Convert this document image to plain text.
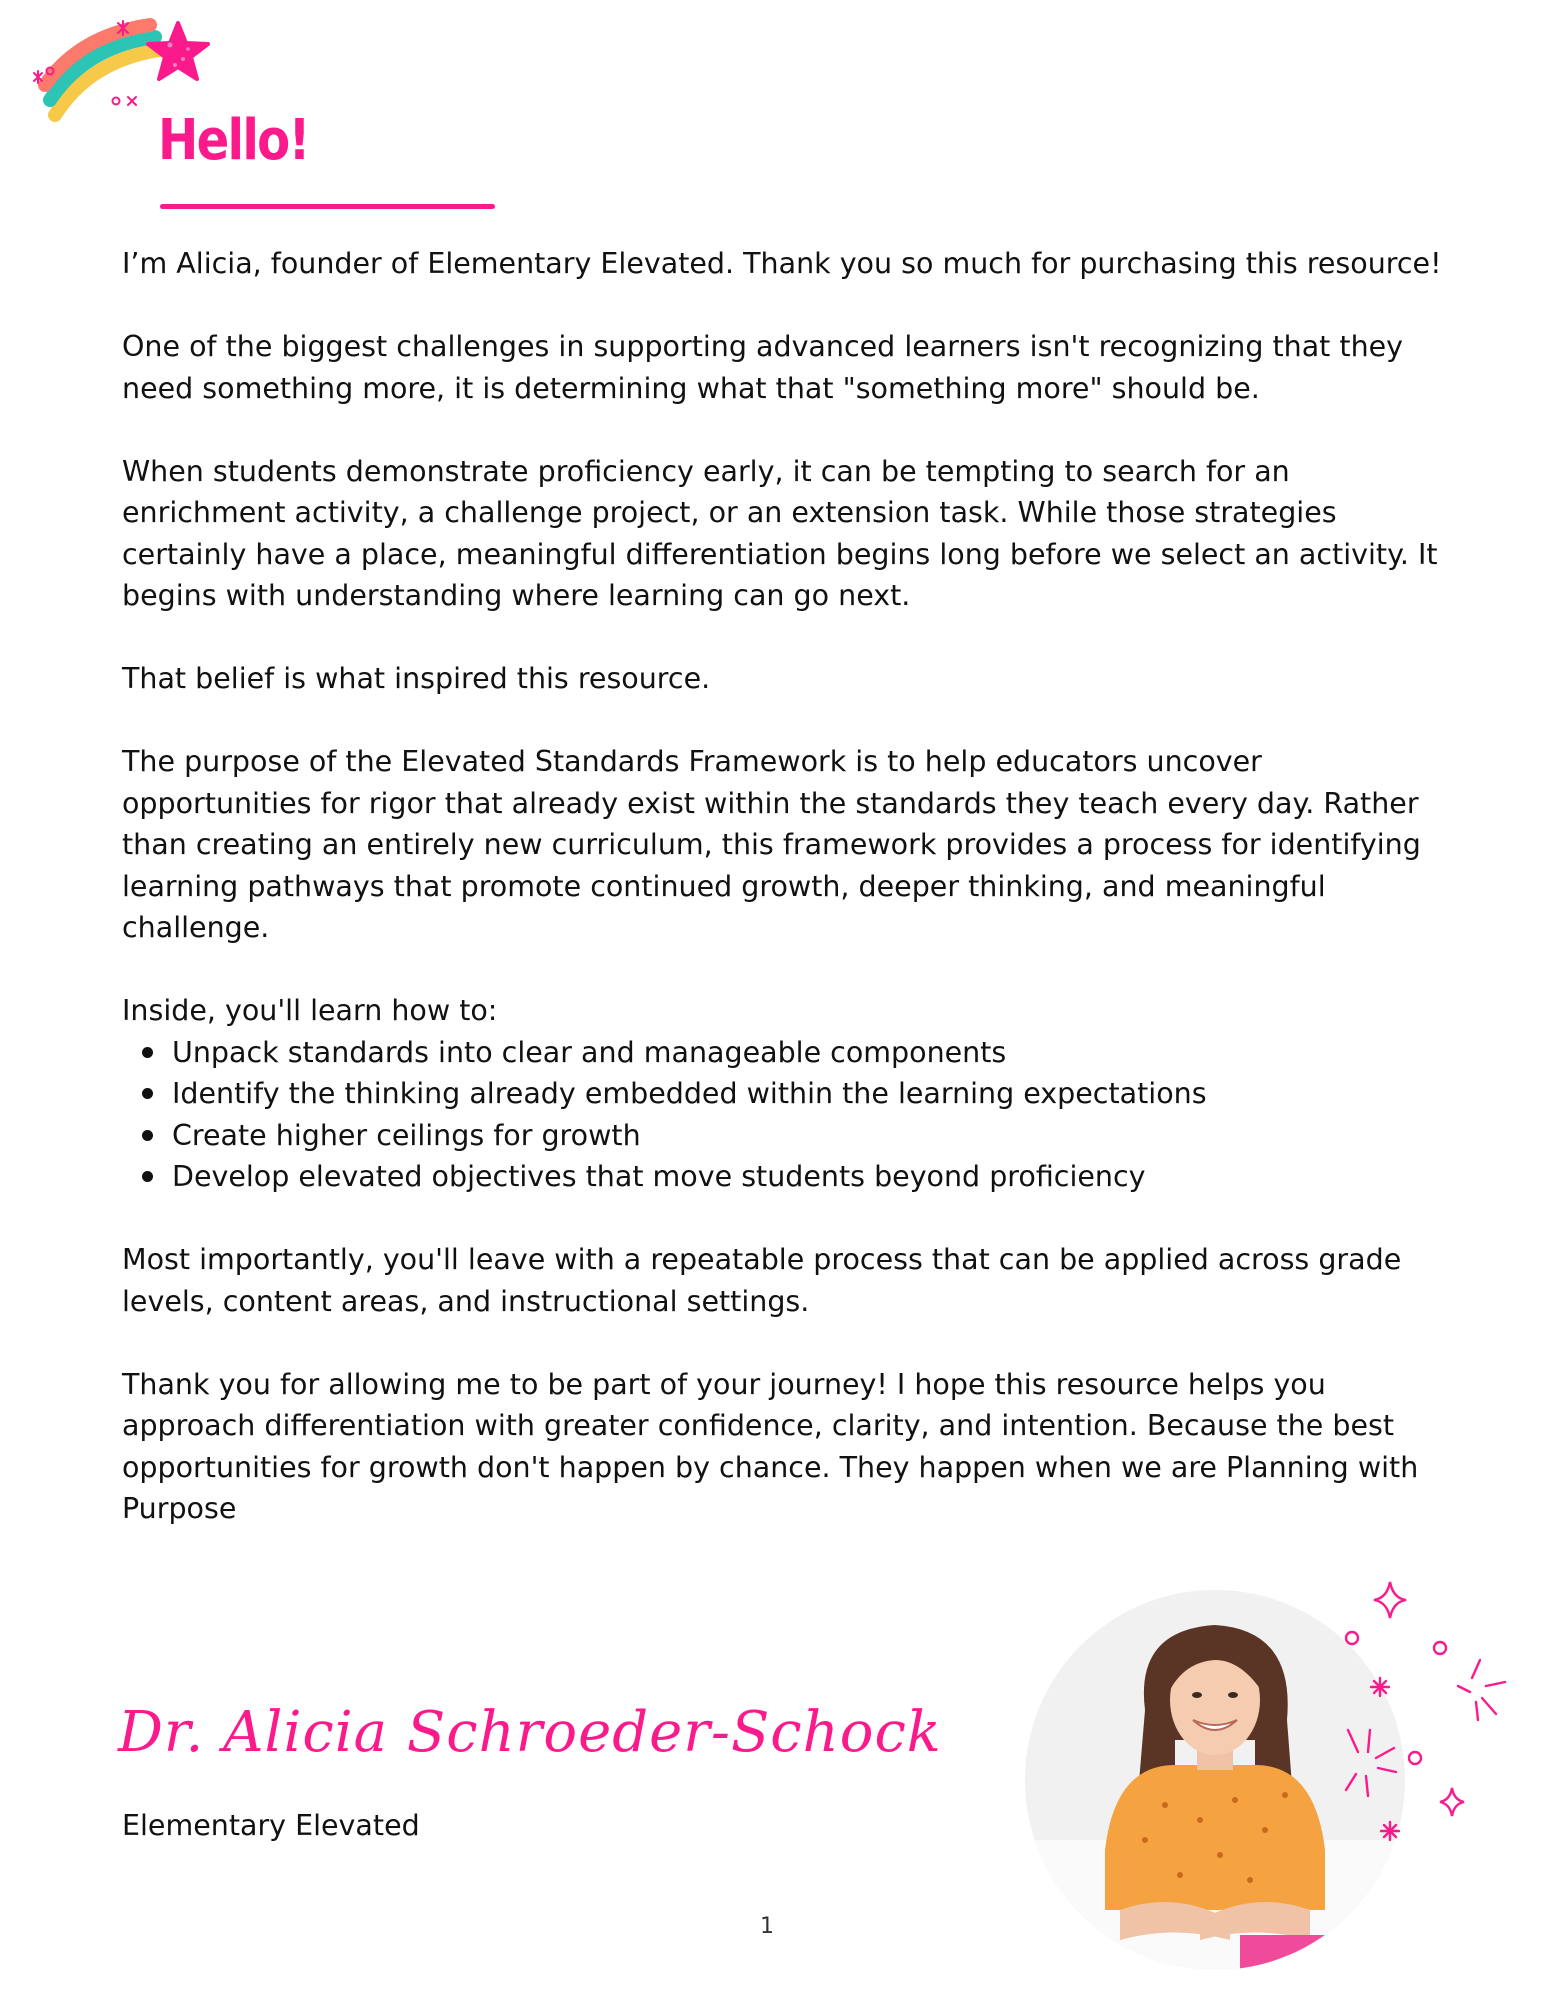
Hello!

I’m Alicia, founder of Elementary Elevated. Thank you so much for purchasing this resource!

One of the biggest challenges in supporting advanced learners isn't recognizing that they need something more, it is determining what that "something more" should be.

When students demonstrate proficiency early, it can be tempting to search for an enrichment activity, a challenge project, or an extension task. While those strategies certainly have a place, meaningful differentiation begins long before we select an activity. It begins with understanding where learning can go next.

That belief is what inspired this resource.

The purpose of the Elevated Standards Framework is to help educators uncover opportunities for rigor that already exist within the standards they teach every day. Rather than creating an entirely new curriculum, this framework provides a process for identifying learning pathways that promote continued growth, deeper thinking, and meaningful challenge.

Inside, you'll learn how to:

Unpack standards into clear and manageable components
Identify the thinking already embedded within the learning expectations
Create higher ceilings for growth
Develop elevated objectives that move students beyond proficiency

Most importantly, you'll leave with a repeatable process that can be applied across grade levels, content areas, and instructional settings.

Thank you for allowing me to be part of your journey! I hope this resource helps you approach differentiation with greater confidence, clarity, and intention. Because the best opportunities for growth don't happen by chance. They happen when we are Planning with Purpose

Dr. Alicia Schroeder-Schock
Elementary Elevated
1
